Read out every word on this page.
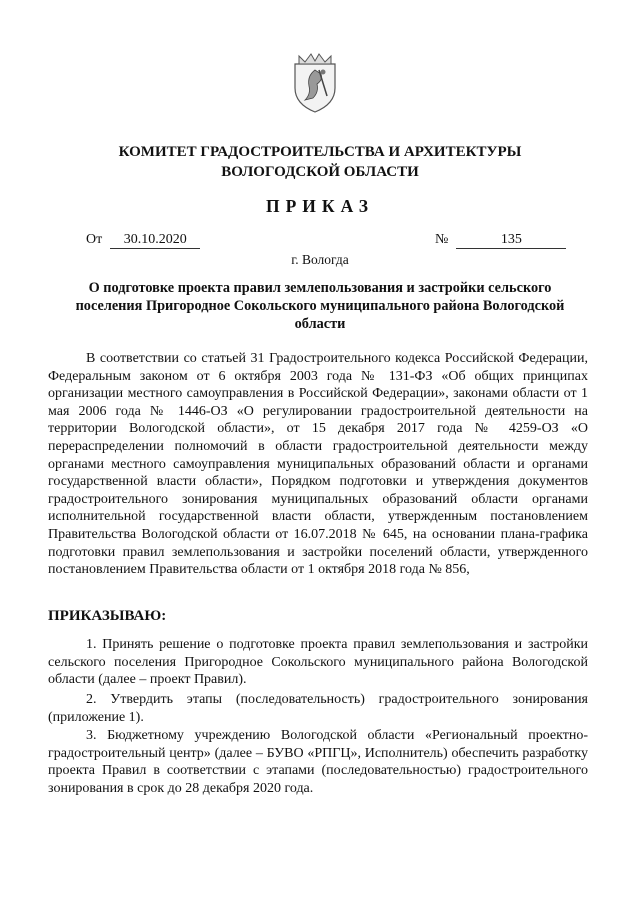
КОМИТЕТ ГРАДОСТРОИТЕЛЬСТВА И АРХИТЕКТУРЫ
ВОЛОГОДСКОЙ ОБЛАСТИ
ПРИКАЗ
От 30.10.2020	№	135
г. Вологда
О подготовке проекта правил землепользования и застройки сельского поселения Пригородное Сокольского муниципального района Вологодской области

В соответствии со статьей 31 Градостроительного кодекса Российской Федерации, Федеральным законом от 6 октября 2003 года № 131-ФЗ «Об общих принципах организации местного самоуправления в Российской Федерации», законами области от 1 мая 2006 года № 1446-ОЗ «О регулировании градостроительной деятельности на территории Вологодской области», от 15 декабря 2017 года № 4259-ОЗ «О перераспределении полномочий в области градостроительной деятельности между органами местного самоуправления муниципальных образований области и органами государственной власти области», Порядком подготовки и утверждения документов градостроительного зонирования муниципальных образований области органами исполнительной государственной власти области, утвержденным постановлением Правительства Вологодской области от 16.07.2018 № 645, на основании плана-графика подготовки правил землепользования и застройки поселений области, утвержденного постановлением Правительства области от 1 октября 2018 года № 856,

ПРИКАЗЫВАЮ:

1. Принять решение о подготовке проекта правил землепользования и застройки сельского поселения Пригородное Сокольского муниципального района Вологодской области (далее – проект Правил).

2. Утвердить этапы (последовательность) градостроительного зонирования (приложение 1).

3. Бюджетному учреждению Вологодской области «Региональный проектно-градостроительный центр» (далее – БУВО «РПГЦ», Исполнитель) обеспечить разработку проекта Правил в соответствии с этапами (последовательностью) градостроительного зонирования в срок до 28 декабря 2020 года.
